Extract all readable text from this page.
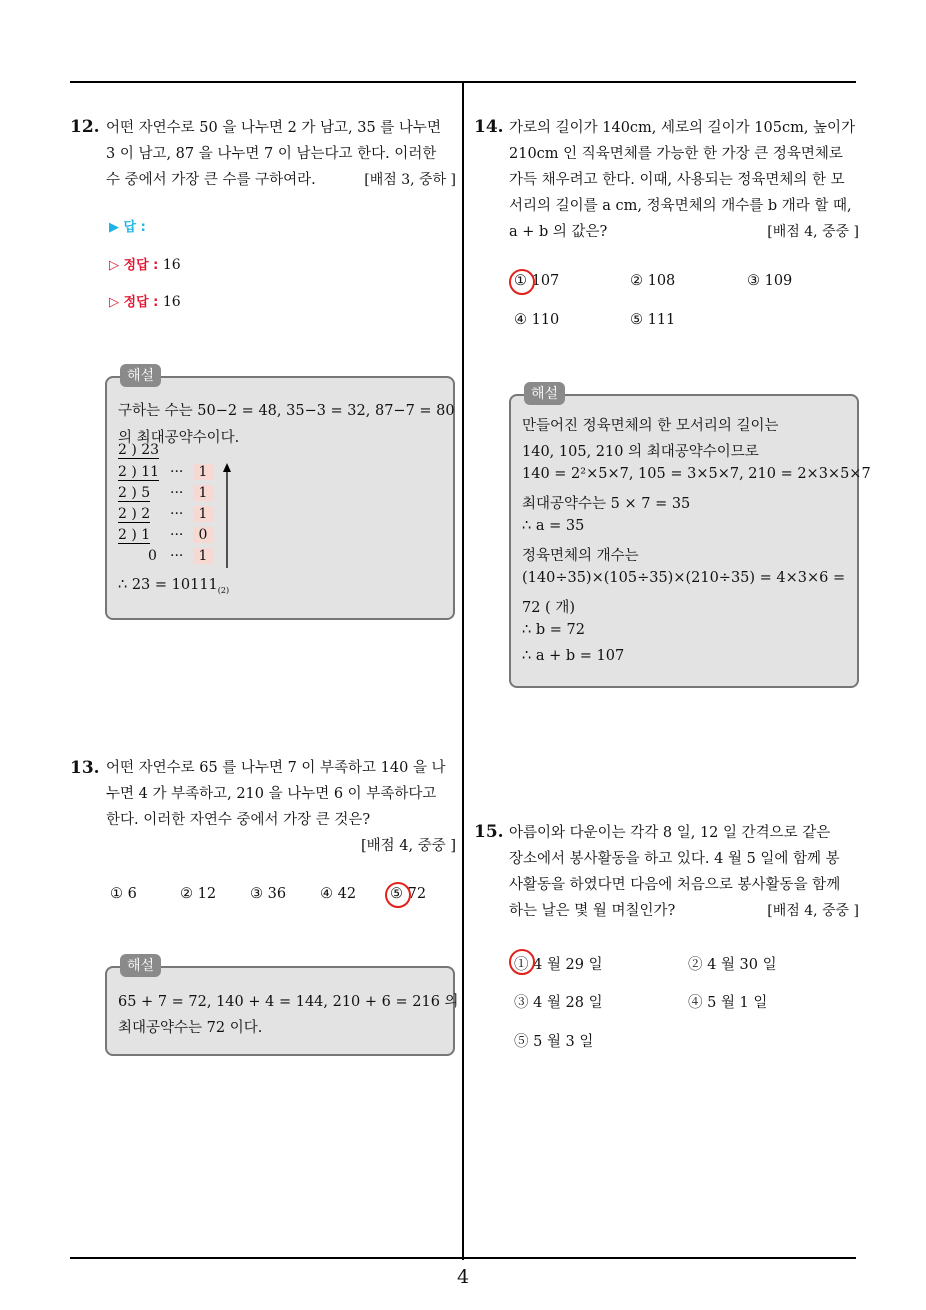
4
12. 어떤 자연수로 50 을 나누면 2 가 남고, 35 를 나누면
3 이 남고, 87 을 나누면 7 이 남는다고 한다. 이러한
수 중에서 가장 큰 수를 구하여라.	[배점 3, 중하 ]
▶ 답 :
▷ 정답 : 16
▷ 정답 : 16
해설
구하는 수는 50−2 = 48, 35−3 = 32, 87−7 = 80
의 최대공약수이다.
2 ) 23
2 ) 11 ···	1
2 ) 5 ···	1
2 ) 2 ···	1
2 ) 1 ···	0
0 ···	1
∴ $23 = 10111_{(2)}$
13. 어떤 자연수로 65 를 나누면 7 이 부족하고 140 을 나
누면 4 가 부족하고, 210 을 나누면 6 이 부족하다고
한다. 이러한 자연수 중에서 가장 큰 것은?
[배점 4, 중중 ]
① 6	② 12 ③ 36 ④ 42 ⑤ 72
해설
65 + 7 = 72, 140 + 4 = 144, 210 + 6 = 216 의
최대공약수는 72 이다.
14. 가로의 길이가 140cm, 세로의 길이가 105cm, 높이가
210cm 인 직육면체를 가능한 한 가장 큰 정육면체로
가득 채우려고 한다. 이때, 사용되는 정육면체의 한 모
서리의 길이를 a cm, 정육면체의 개수를 b 개라 할 때,
a + b 의 값은?	[배점 4, 중중 ]
① 107	② 108	③ 109
④ 110	⑤ 111
해설
만들어진 정육면체의 한 모서리의 길이는
140, 105, 210 의 최대공약수이므로
140 = 2²×5×7, 105 = 3×5×7, 210 = 2×3×5×7
최대공약수는 5 × 7 = 35
∴ a = 35
정육면체의 개수는
(140÷35)×(105÷35)×(210÷35) = 4×3×6 =
72 ( 개)
∴ b = 72
∴ a + b = 107
15. 아름이와 다운이는 각각 8 일, 12 일 간격으로 같은
장소에서 봉사활동을 하고 있다. 4 월 5 일에 함께 봉
사활동을 하였다면 다음에 처음으로 봉사활동을 함께
하는 날은 몇 월 며칠인가?	[배점 4, 중중 ]
① 4 월 29 일	② 4 월 30 일
③ 4 월 28 일	④ 5 월 1 일
⑤ 5 월 3 일
